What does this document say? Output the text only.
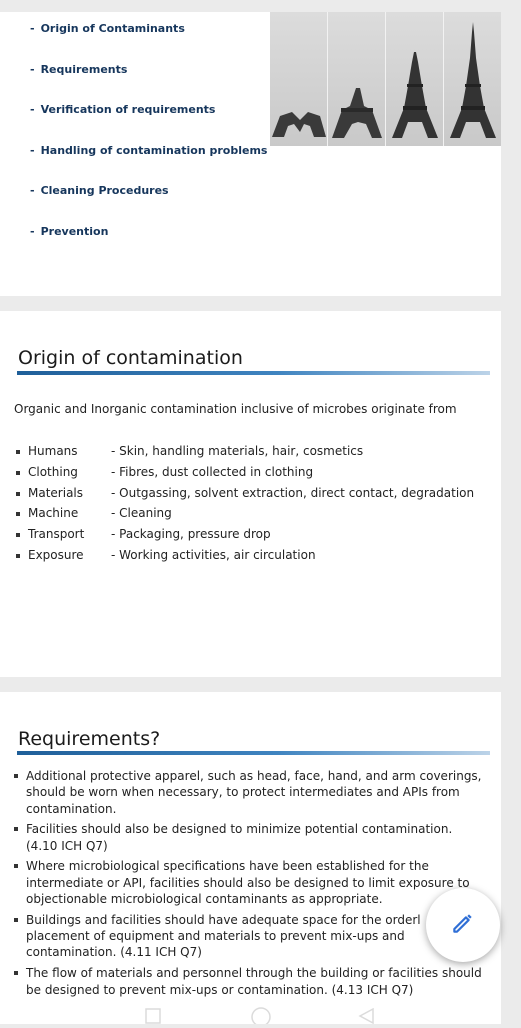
- Origin of Contaminants
- Requirements
- Verification of requirements
- Handling of contamination problems
- Cleaning Procedures
- Prevention
Origin of contamination
Organic and Inorganic contamination inclusive of microbes originate from
Humans	- Skin, handling materials, hair, cosmetics
Clothing	- Fibres, dust collected in clothing
Materials	- Outgassing, solvent extraction, direct contact, degradation
Machine	- Cleaning
Transport	- Packaging, pressure drop
Exposure	- Working activities, air circulation
Requirements?
Additional protective apparel, such as head, face, hand, and arm coverings, should be worn when necessary, to protect intermediates and APIs from contamination.
Facilities should also be designed to minimize potential contamination. (4.10 ICH Q7)
Where microbiological specifications have been established for the intermediate or API, facilities should also be designed to limit exposure to objectionable microbiological contaminants as appropriate.
Buildings and facilities should have adequate space for the orderl placement of equipment and materials to prevent mix-ups and contamination. (4.11 ICH Q7)
The flow of materials and personnel through the building or facilities should be designed to prevent mix-ups or contamination. (4.13 ICH Q7)
